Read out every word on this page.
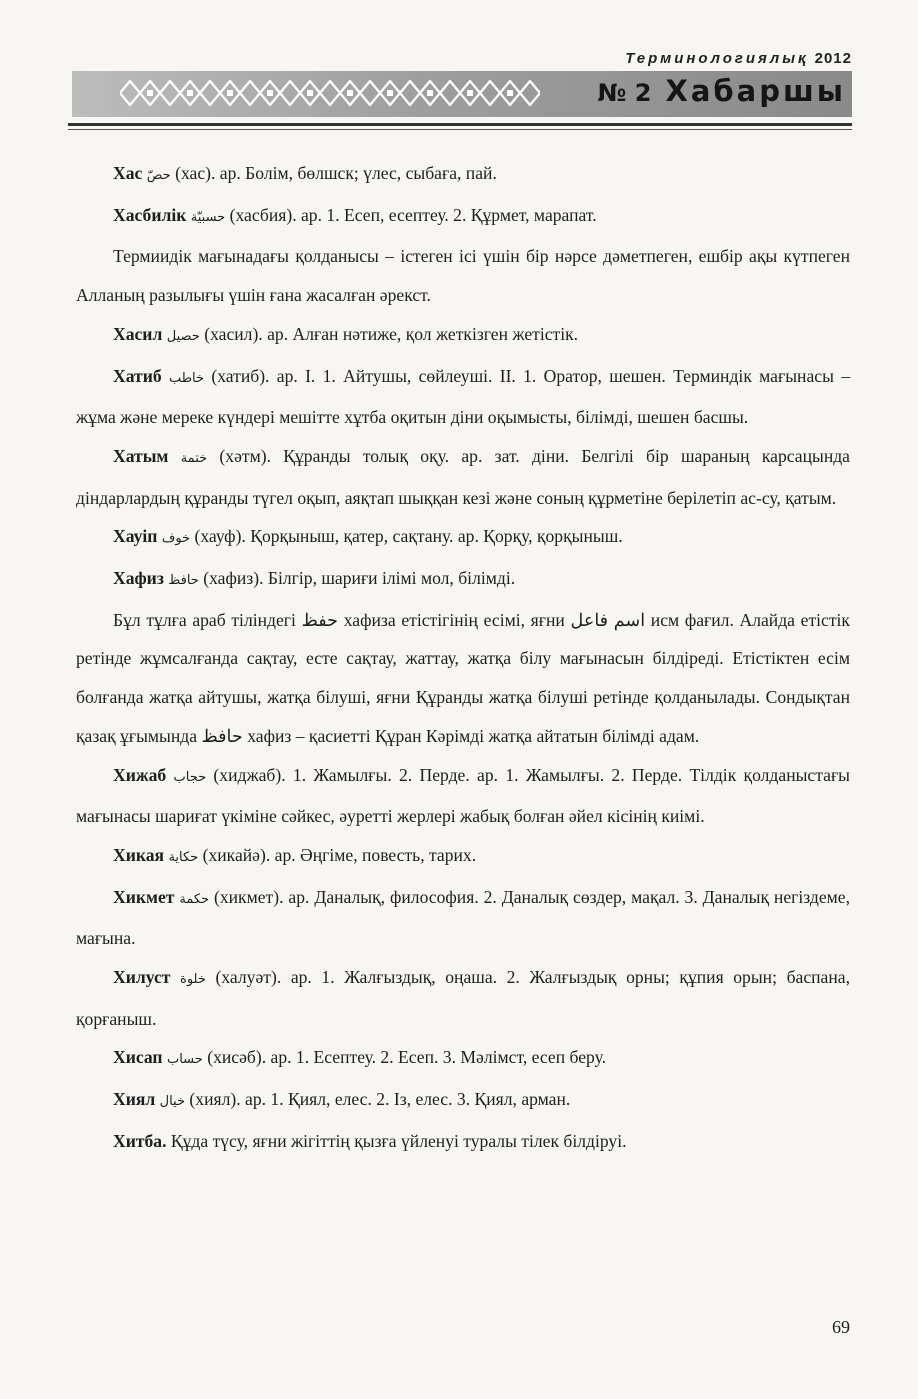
Терминологиялық 2012
№ 2 Хабаршы

Хас حصّ (хас). ар. Болім, бөлшск; үлес, сыбаға, пай.

Хасбилік حسبيّة (хасбия). ар. 1. Есеп, есептеу. 2. Құрмет, марапат.

Термиидік мағынадағы қолданысы – істеген ісі үшін бір нәрсе дәметпеген, ешбір ақы күтпеген Алланың разылығы үшін ғана жасалған әрекст.

Хасил حصيل (хасил). ар. Алған нәтиже, қол жеткізген жетістік.

Хатиб خاطب (хатиб). ар. І. 1. Айтушы, сөйлеуші. ІІ. 1. Оратор, шешен. Терминдік мағынасы – жұма және мереке күндері мешітте хұтба оқитын діни оқымысты, білімді, шешен басшы.

Хатым ختمة (хәтм). Құранды толық оқу. ар. зат. діни. Белгілі бір шараның карсацында діндарлардың құранды түгел оқып, аяқтап шыққан кезі және соның құрметіне берілетіп ас-су, қатым.

Хауіп خوف (хауф). Қорқыныш, қатер, сақтану. ар. Қорқу, қорқыныш.

Хафиз حافظ (хафиз). Білгір, шариғи ілімі мол, білімді.

Бұл тұлға араб тіліндегі حفظ хафиза етістігінің есімі, яғни اسم فاعل исм фағил. Алайда етістік ретінде жұмсалғанда сақтау, есте сақтау, жаттау, жатқа білу мағынасын білдіреді. Етістіктен есім болғанда жатқа айтушы, жатқа білуші, яғни Құранды жатқа білуші ретінде қолданылады. Сондықтан қазақ ұғымында حافظ хафиз – қасиетті Құран Кәрімді жатқа айтатын білімді адам.

Хижаб حجاب (хиджаб). 1. Жамылғы. 2. Перде. ар. 1. Жамылғы. 2. Перде. Тілдік қолданыстағы мағынасы шариғат үкіміне сәйкес, әуретті жерлері жабық болған әйел кісінің киімі.

Хикая حكاية (хикайә). ар. Әңгіме, повесть, тарих.

Хикмет حكمة (хикмет). ар. Даналық, философия. 2. Даналық сөздер, мақал. 3. Даналық негіздеме, мағына.

Хилуст خلوة (халуәт). ар. 1. Жалғыздық, оңаша. 2. Жалғыздық орны; құпия орын; баспана, қорғаныш.

Хисап حساب (хисәб). ар. 1. Есептеу. 2. Есеп. 3. Мәлімст, есеп беру.

Хиял خيال (хиял). ар. 1. Қиял, елес. 2. Із, елес. 3. Қиял, арман.

Хитба. Құда түсу, яғни жігіттің қызға үйленуі туралы тілек білдіруі.

69
